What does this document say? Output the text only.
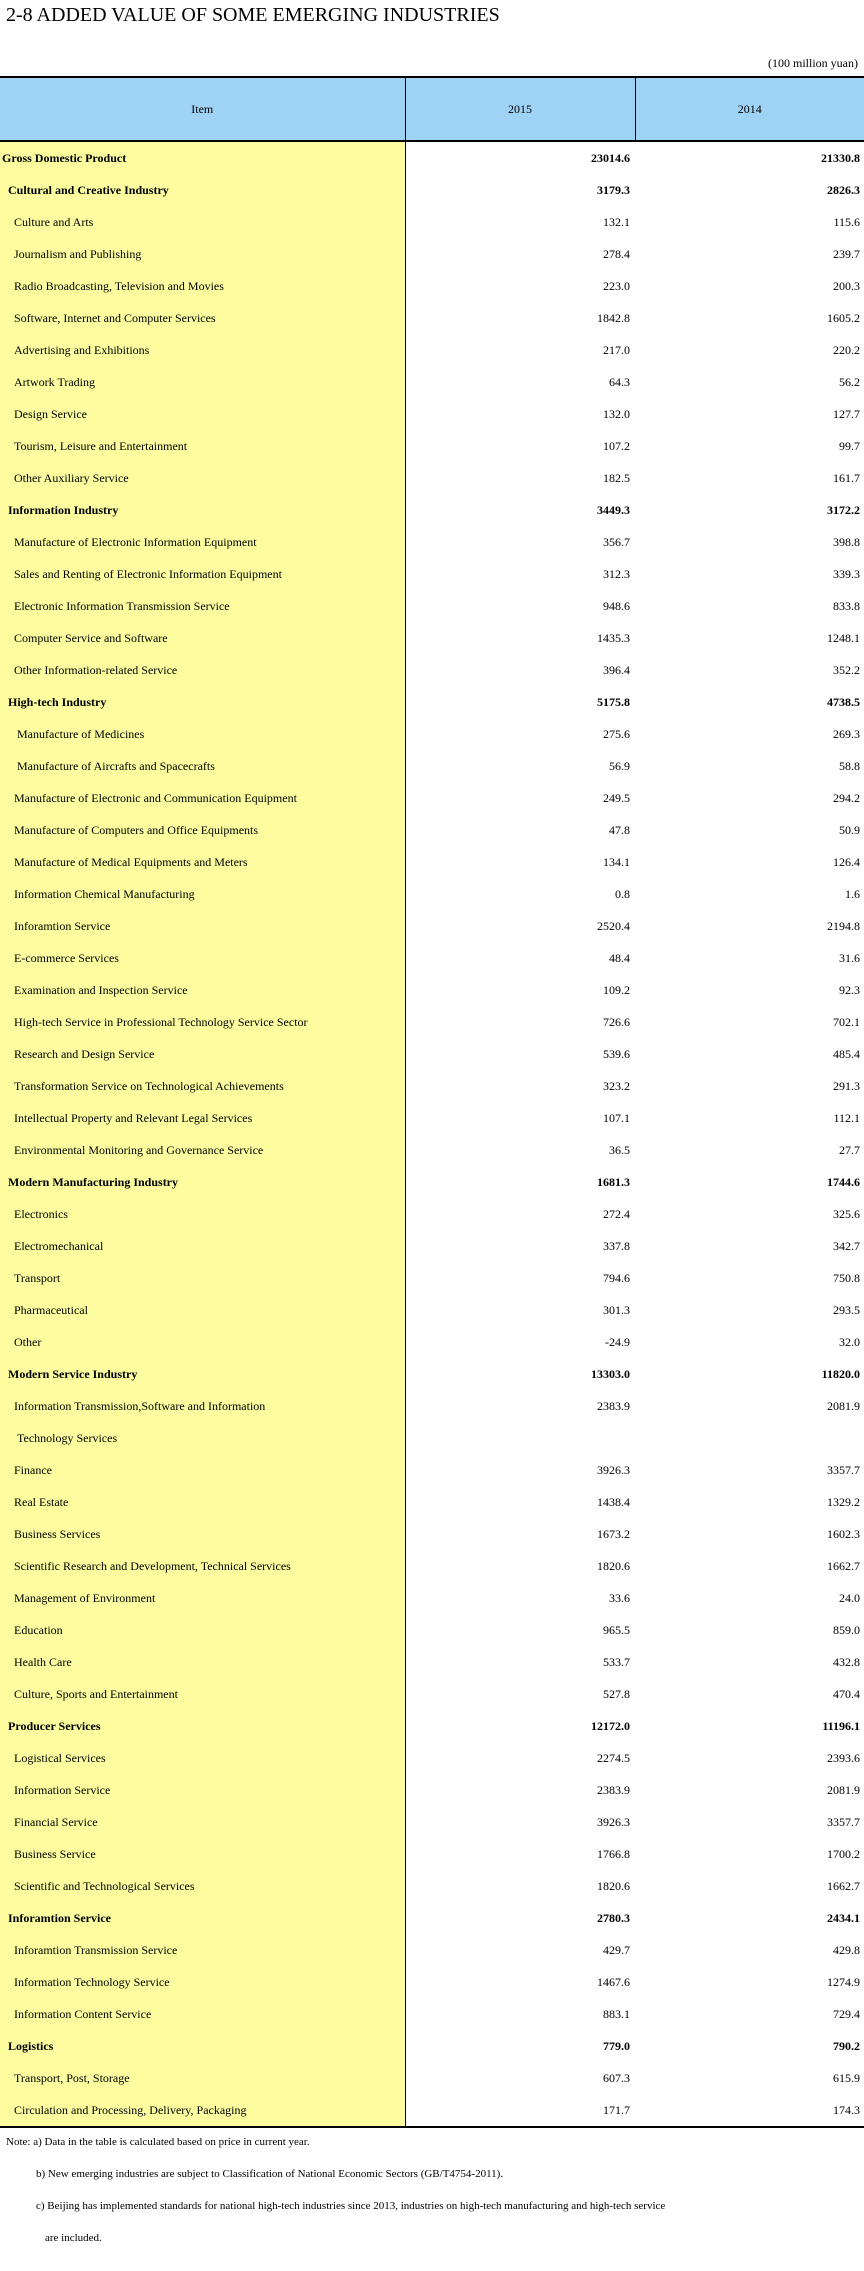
2-8 ADDED VALUE OF SOME EMERGING INDUSTRIES
(100 million yuan)
Item	2015	2014
Gross Domestic Product	23014.6	21330.8
Cultural and Creative Industry	3179.3	2826.3
Culture and Arts	132.1	115.6
Journalism and Publishing	278.4	239.7
Radio Broadcasting, Television and Movies	223.0	200.3
Software, Internet and Computer Services	1842.8	1605.2
Advertising and Exhibitions	217.0	220.2
Artwork Trading	64.3	56.2
Design Service	132.0	127.7
Tourism, Leisure and Entertainment	107.2	99.7
Other Auxiliary Service	182.5	161.7
Information Industry	3449.3	3172.2
Manufacture of Electronic Information Equipment	356.7	398.8
Sales and Renting of Electronic Information Equipment	312.3	339.3
Electronic Information Transmission Service	948.6	833.8
Computer Service and Software	1435.3	1248.1
Other Information-related Service	396.4	352.2
High-tech Industry	5175.8	4738.5
Manufacture of Medicines	275.6	269.3
Manufacture of Aircrafts and Spacecrafts	56.9	58.8
Manufacture of Electronic and Communication Equipment	249.5	294.2
Manufacture of Computers and Office Equipments	47.8	50.9
Manufacture of Medical Equipments and Meters	134.1	126.4
Information Chemical Manufacturing	0.8	1.6
Inforamtion Service	2520.4	2194.8
E-commerce Services	48.4	31.6
Examination and Inspection Service	109.2	92.3
High-tech Service in Professional Technology Service Sector	726.6	702.1
Research and Design Service	539.6	485.4
Transformation Service on Technological Achievements	323.2	291.3
Intellectual Property and Relevant Legal Services	107.1	112.1
Environmental Monitoring and Governance Service	36.5	27.7
Modern Manufacturing Industry	1681.3	1744.6
Electronics	272.4	325.6
Electromechanical	337.8	342.7
Transport	794.6	750.8
Pharmaceutical	301.3	293.5
Other	-24.9	32.0
Modern Service Industry	13303.0	11820.0
Information Transmission,Software and Information	2383.9	2081.9
Technology Services		
Finance	3926.3	3357.7
Real Estate	1438.4	1329.2
Business Services	1673.2	1602.3
Scientific Research and Development, Technical Services	1820.6	1662.7
Management of Environment	33.6	24.0
Education	965.5	859.0
Health Care	533.7	432.8
Culture, Sports and Entertainment	527.8	470.4
Producer Services	12172.0	11196.1
Logistical Services	2274.5	2393.6
Information Service	2383.9	2081.9
Financial Service	3926.3	3357.7
Business Service	1766.8	1700.2
Scientific and Technological Services	1820.6	1662.7
Inforamtion Service	2780.3	2434.1
Inforamtion Transmission Service	429.7	429.8
Information Technology Service	1467.6	1274.9
Information Content Service	883.1	729.4
Logistics	779.0	790.2
Transport, Post, Storage	607.3	615.9
Circulation and Processing, Delivery, Packaging	171.7	174.3
Note: a) Data in the table is calculated based on price in current year.
b) New emerging industries are subject to Classification of National Economic Sectors (GB/T4754-2011).
c) Beijing has implemented standards for national high-tech industries since 2013, industries on high-tech manufacturing and high-tech service
are included.
